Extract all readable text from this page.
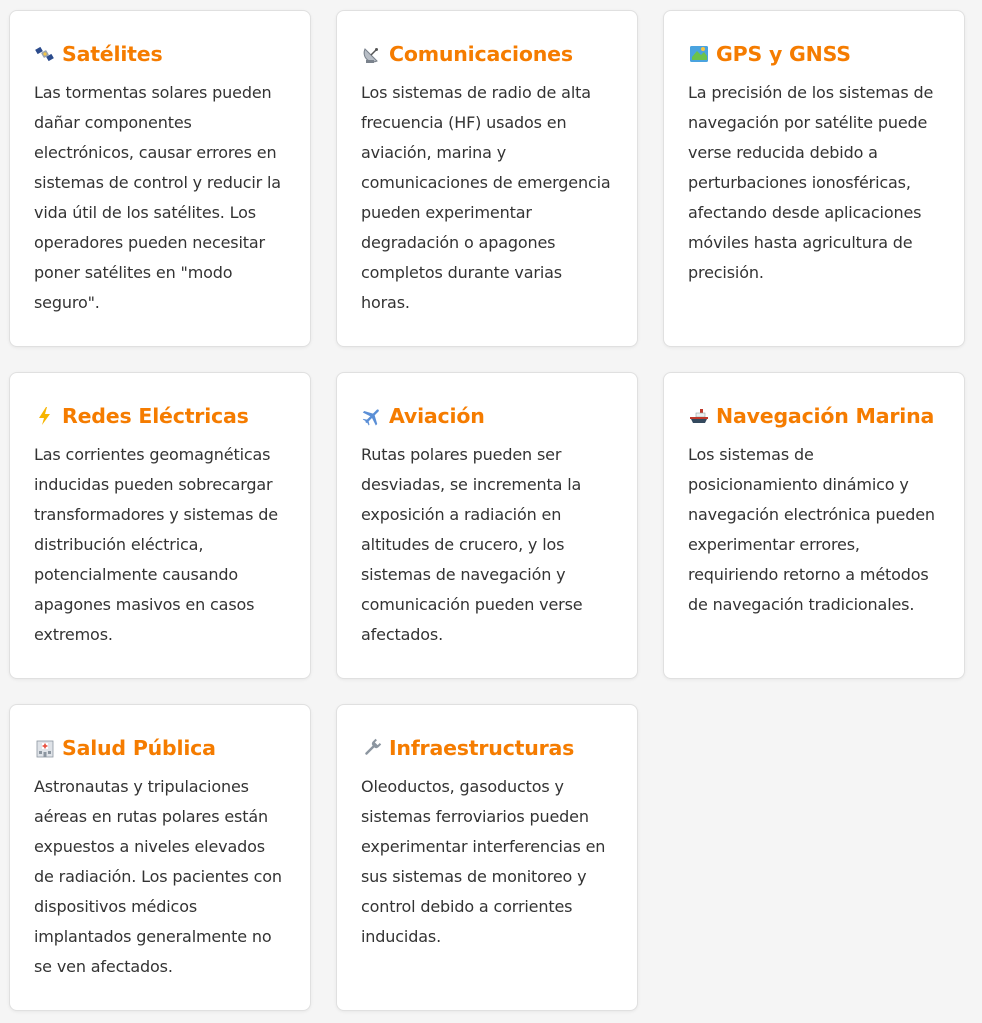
Satélites

Las tormentas solares pueden dañar componentes electrónicos, causar errores en sistemas de control y reducir la vida útil de los satélites. Los operadores pueden necesitar poner satélites en "modo seguro".

Comunicaciones

Los sistemas de radio de alta frecuencia (HF) usados en aviación, marina y comunicaciones de emergencia pueden experimentar degradación o apagones completos durante varias horas.

GPS y GNSS

La precisión de los sistemas de navegación por satélite puede verse reducida debido a perturbaciones ionosféricas, afectando desde aplicaciones móviles hasta agricultura de precisión.

Redes Eléctricas

Las corrientes geomagnéticas inducidas pueden sobrecargar transformadores y sistemas de distribución eléctrica, potencialmente causando apagones masivos en casos extremos.

Aviación

Rutas polares pueden ser desviadas, se incrementa la exposición a radiación en altitudes de crucero, y los sistemas de navegación y comunicación pueden verse afectados.

Navegación Marina

Los sistemas de posicionamiento dinámico y navegación electrónica pueden experimentar errores, requiriendo retorno a métodos de navegación tradicionales.

Salud Pública

Astronautas y tripulaciones aéreas en rutas polares están expuestos a niveles elevados de radiación. Los pacientes con dispositivos médicos implantados generalmente no se ven afectados.

Infraestructuras

Oleoductos, gasoductos y sistemas ferroviarios pueden experimentar interferencias en sus sistemas de monitoreo y control debido a corrientes inducidas.
